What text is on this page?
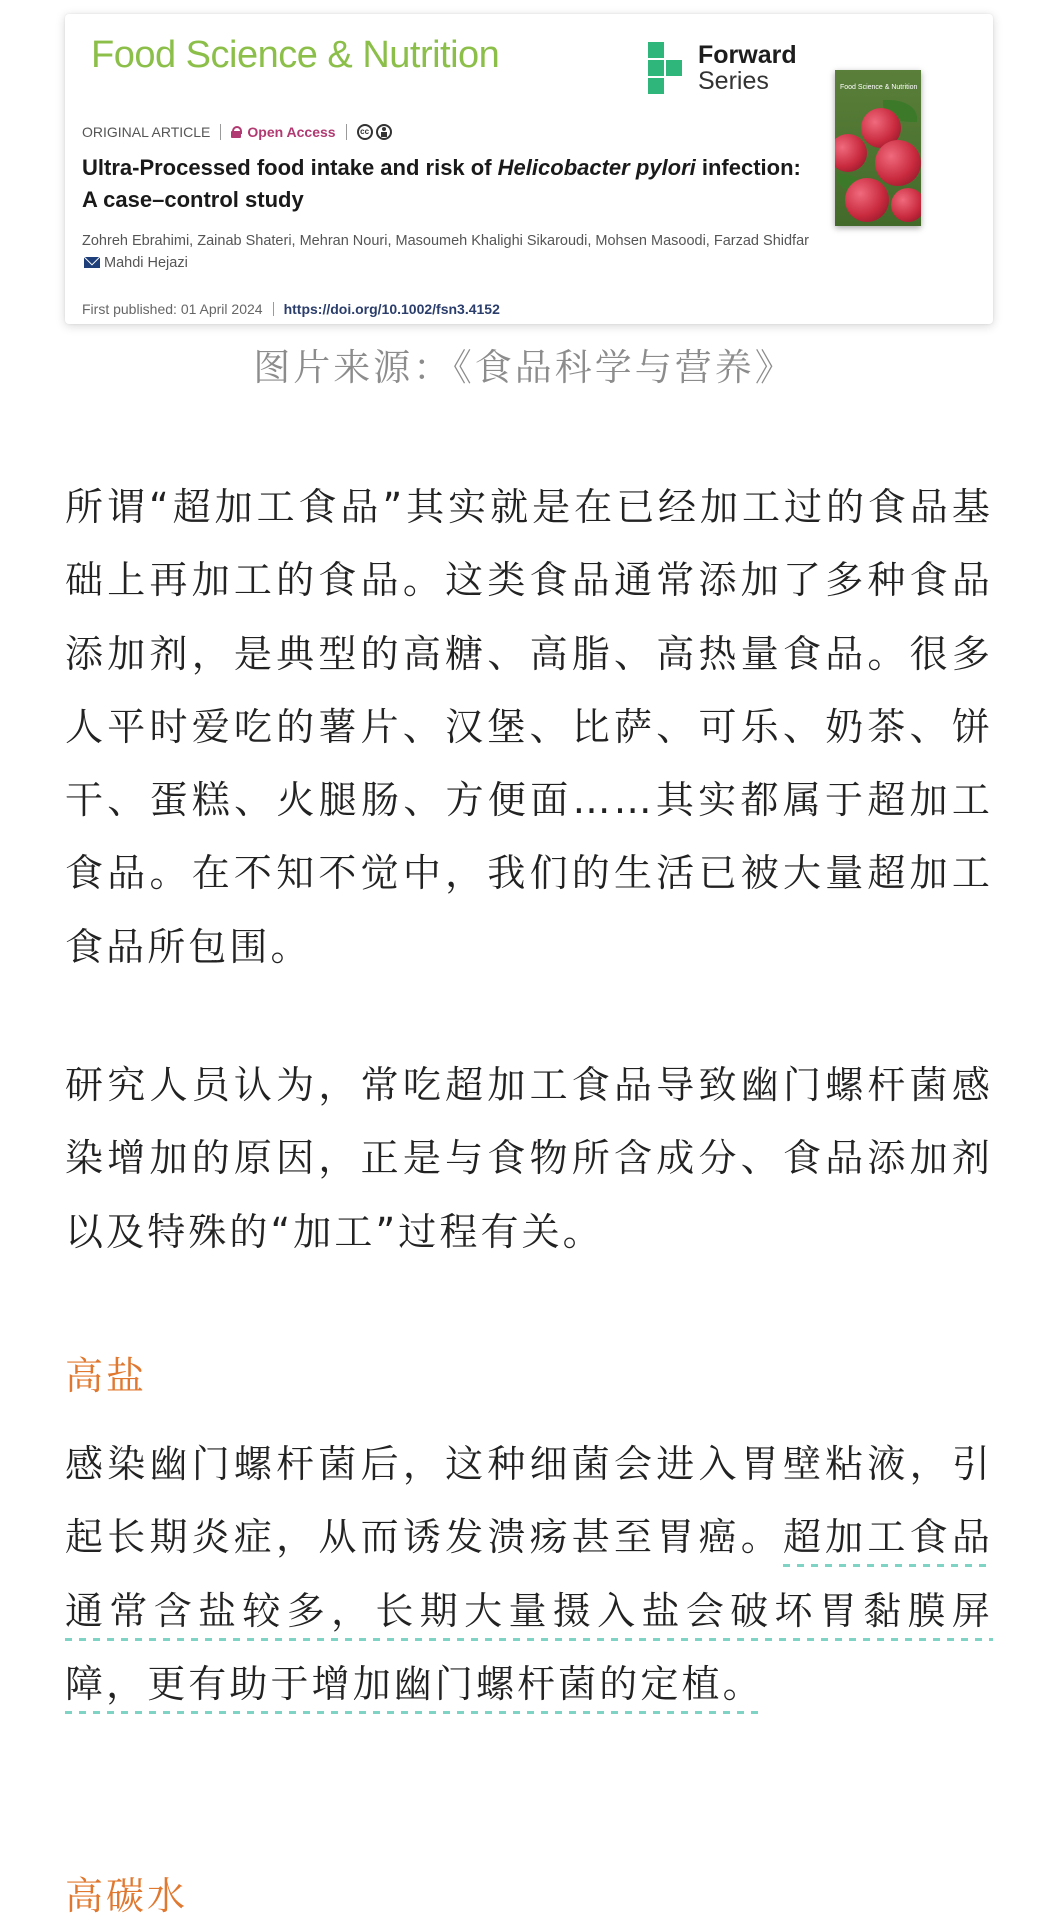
Food Science & Nutrition	Forward
Series	Food Science & Nutrition
ORIGINAL ARTICLE	Open Access	cc
Ultra-Processed food intake and risk of Helicobacter pylori infection: A case–control study
Zohreh Ebrahimi, Zainab Shateri, Mehran Nouri, Masoumeh Khalighi Sikaroudi, Mohsen Masoodi, Farzad ShidfarMahdi Hejazi
First published: 01 April 2024 https://doi.org/10.1002/fsn3.4152
图片来源：《食品科学与营养》
所谓“超加工食品”其实就是在已经加工过的食品基础上再加工的食品。这类食品通常添加了多种食品添加剂，是典型的高糖、高脂、高热量食品。很多人平时爱吃的薯片、汉堡、比萨、可乐、奶茶、饼干、蛋糕、火腿肠、方便面……其实都属于超加工食品。在不知不觉中，我们的生活已被大量超加工食品所包围。
研究人员认为，常吃超加工食品导致幽门螺杆菌感染增加的原因，正是与食物所含成分、食品添加剂以及特殊的“加工”过程有关。
高盐
感染幽门螺杆菌后，这种细菌会进入胃壁粘液，引起长期炎症，从而诱发溃疡甚至胃癌。超加工食品通常含盐较多，长期大量摄入盐会破坏胃黏膜屏障，更有助于增加幽门螺杆菌的定植。
高碳水
